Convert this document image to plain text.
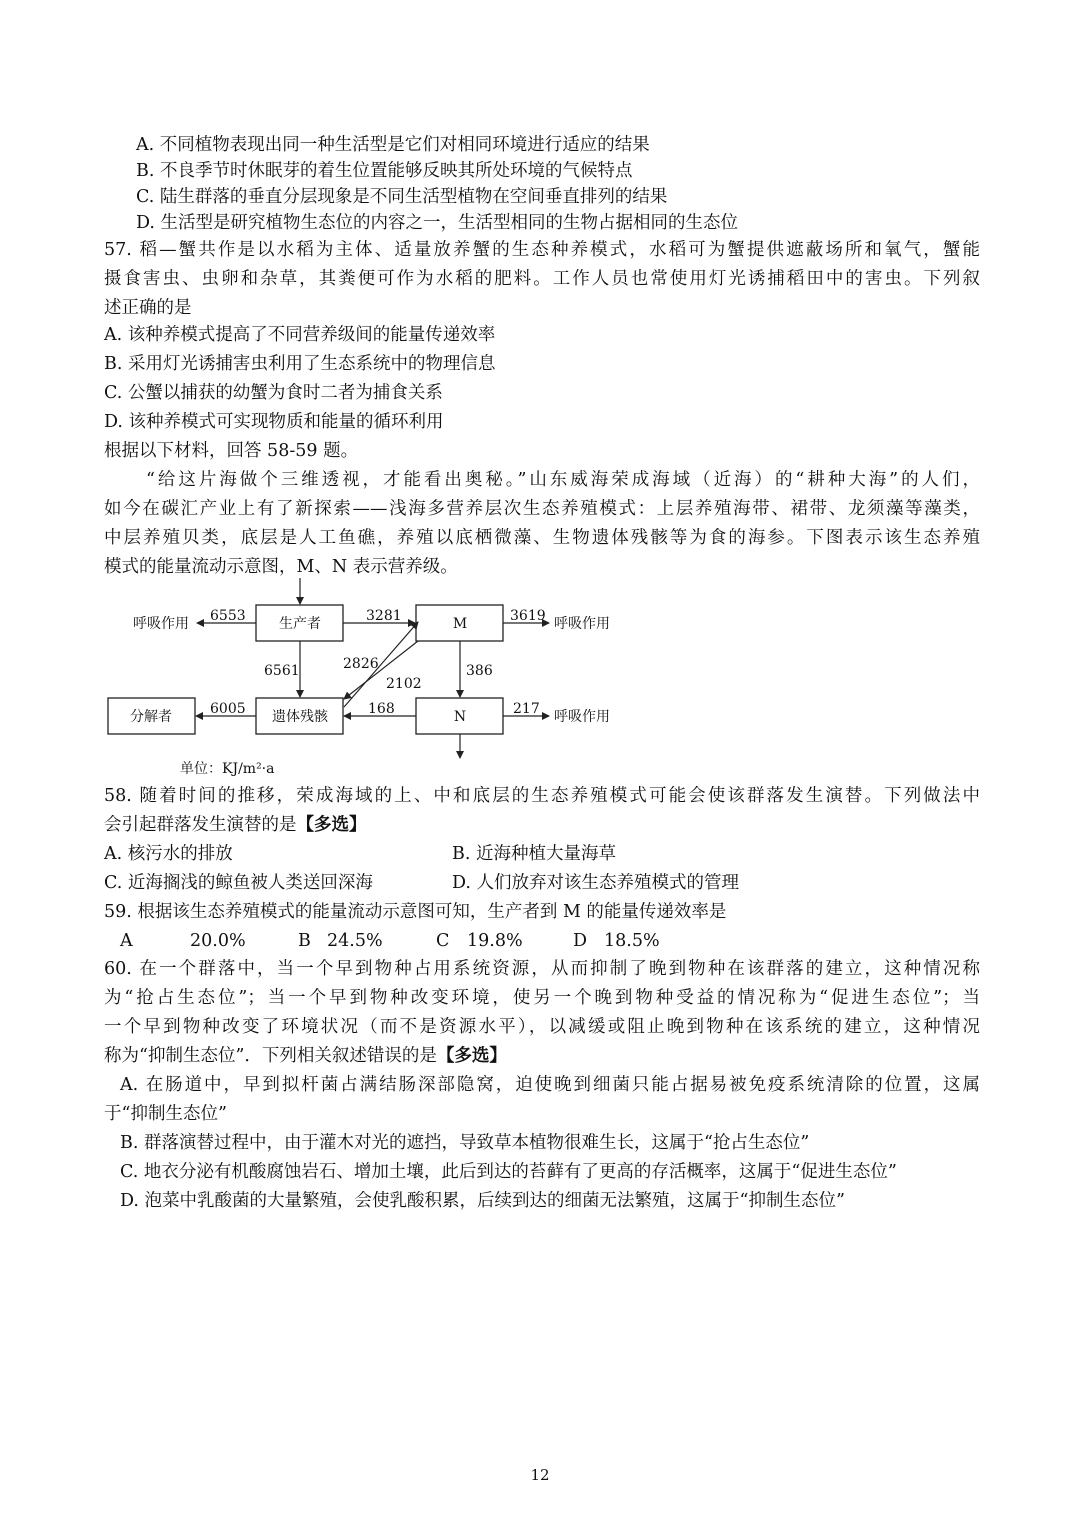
A. 不同植物表现出同一种生活型是它们对相同环境进行适应的结果
B. 不良季节时休眠芽的着生位置能够反映其所处环境的气候特点
C. 陆生群落的垂直分层现象是不同生活型植物在空间垂直排列的结果
D. 生活型是研究植物生态位的内容之一，生活型相同的生物占据相同的生态位
57. 稻—蟹共作是以水稻为主体、适量放养蟹的生态种养模式，水稻可为蟹提供遮蔽场所和氧气，蟹能
摄食害虫、虫卵和杂草，其粪便可作为水稻的肥料。工作人员也常使用灯光诱捕稻田中的害虫。下列叙
述正确的是
A. 该种养模式提高了不同营养级间的能量传递效率
B. 采用灯光诱捕害虫利用了生态系统中的物理信息
C. 公蟹以捕获的幼蟹为食时二者为捕食关系
D. 该种养模式可实现物质和能量的循环利用
根据以下材料，回答 58-59 题。
“给这片海做个三维透视，才能看出奥秘。”山东威海荣成海域（近海）的“耕种大海”的人们，
如今在碳汇产业上有了新探索——浅海多营养层次生态养殖模式：上层养殖海带、裙带、龙须藻等藻类，
中层养殖贝类，底层是人工鱼礁，养殖以底栖微藻、生物遗体残骸等为食的海参。下图表示该生态养殖
模式的能量流动示意图，M、N 表示营养级。
生产者	M
遗体残骸	N
分解者
呼吸作用	呼吸作用
呼吸作用
6553	3281	3619
6561	2826
2102
386
168
6005	217
单位：KJ/m²·a
58. 随着时间的推移，荣成海域的上、中和底层的生态养殖模式可能会使该群落发生演替。下列做法中
会引起群落发生演替的是【多选】
A. 核污水的排放	B. 近海种植大量海草
C. 近海搁浅的鲸鱼被人类送回深海	D. 人们放弃对该生态养殖模式的管理
59. 根据该生态养殖模式的能量流动示意图可知，生产者到 M 的能量传递效率是
A	20.0%	B 24.5%	C 19.8%	D 18.5%
60. 在一个群落中，当一个早到物种占用系统资源，从而抑制了晚到物种在该群落的建立，这种情况称
为“抢占生态位”；当一个早到物种改变环境，使另一个晚到物种受益的情况称为“促进生态位”；当
一个早到物种改变了环境状况（而不是资源水平），以减缓或阻止晚到物种在该系统的建立，这种情况
称为“抑制生态位”．下列相关叙述错误的是【多选】
A. 在肠道中，早到拟杆菌占满结肠深部隐窝，迫使晚到细菌只能占据易被免疫系统清除的位置，这属
于“抑制生态位”
B. 群落演替过程中，由于灌木对光的遮挡，导致草本植物很难生长，这属于“抢占生态位”
C. 地衣分泌有机酸腐蚀岩石、增加土壤，此后到达的苔藓有了更高的存活概率，这属于“促进生态位”
D. 泡菜中乳酸菌的大量繁殖，会使乳酸积累，后续到达的细菌无法繁殖，这属于“抑制生态位”
12
